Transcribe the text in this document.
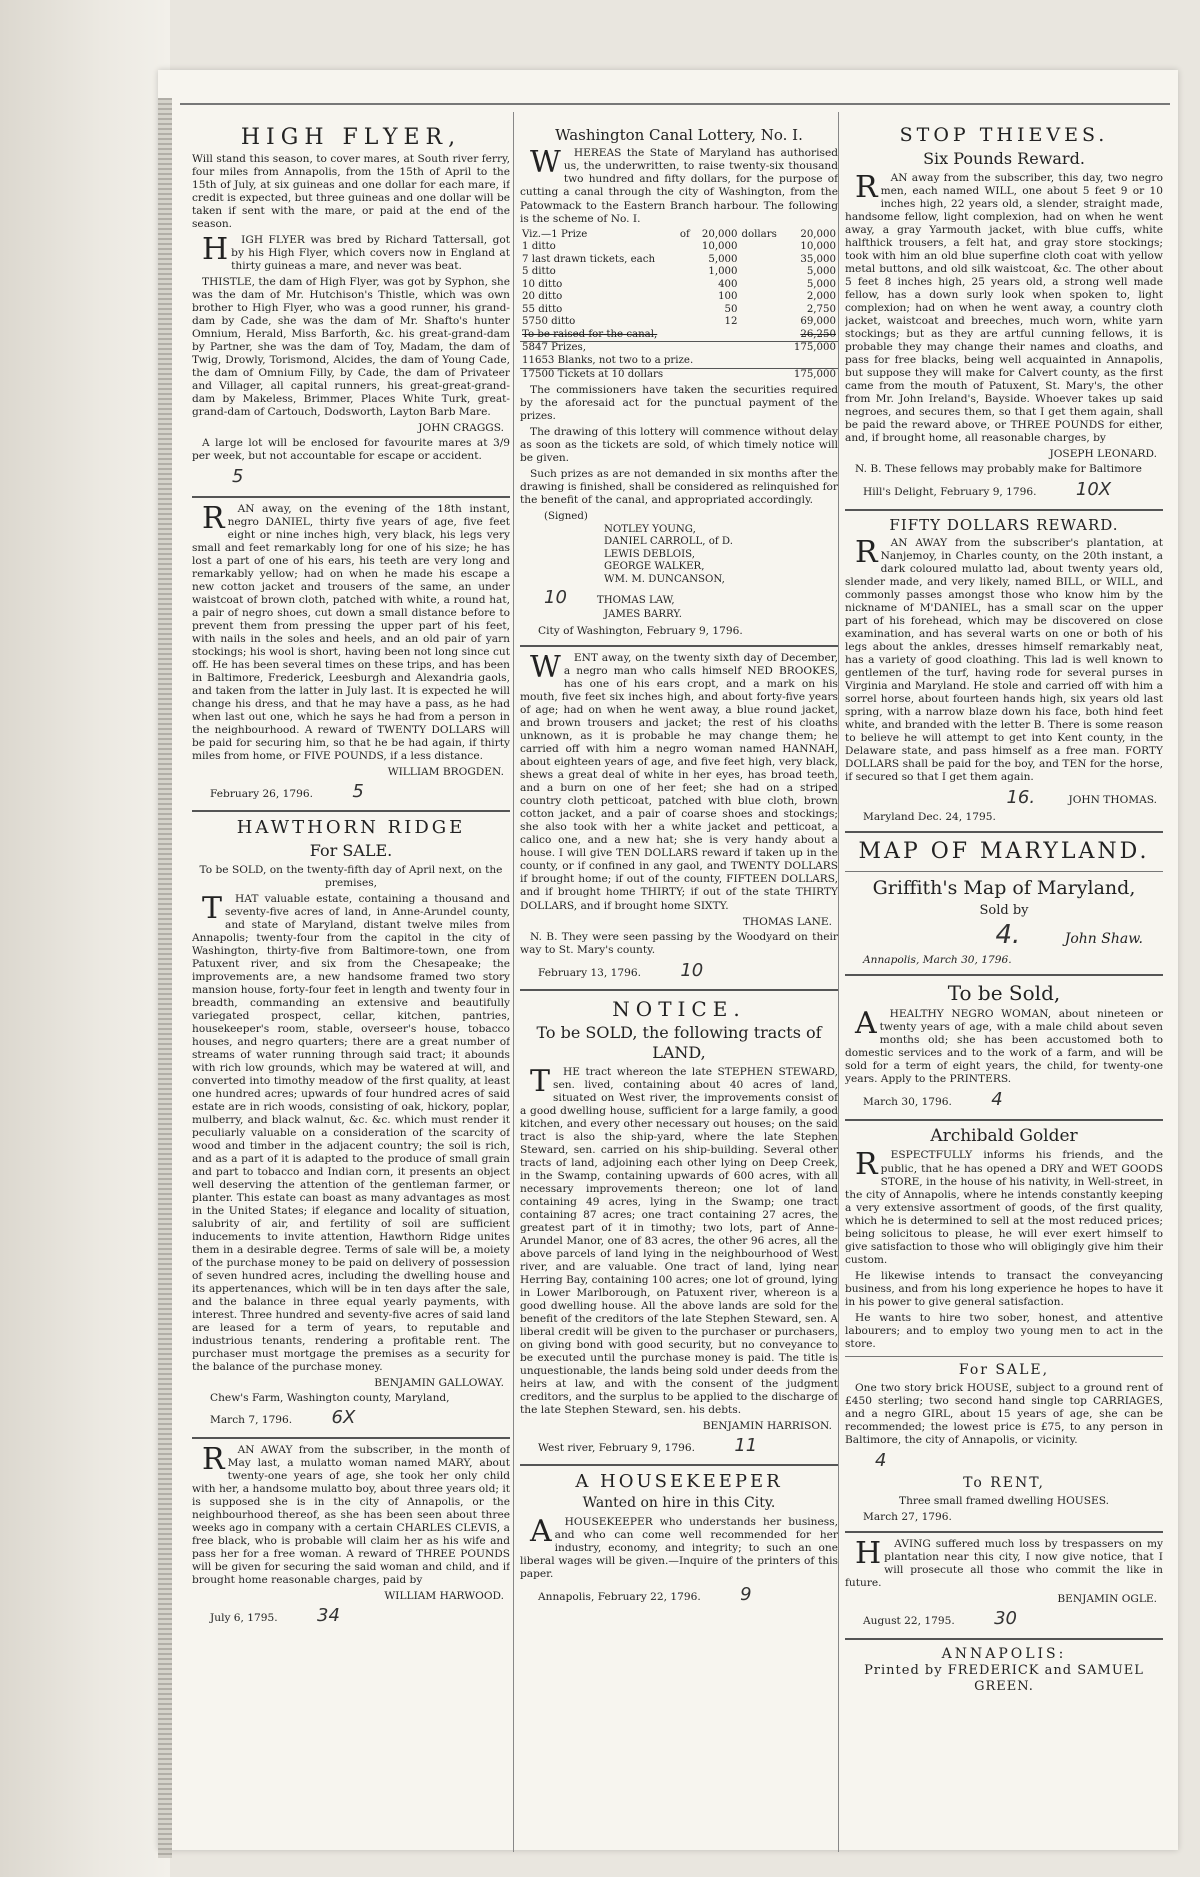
HIGH FLYER,

Will stand this season, to cover mares, at South river ferry, four miles from Annapolis, from the 15th of April to the 15th of July, at six guineas and one dollar for each mare, if credit is expected, but three guineas and one dollar will be taken if sent with the mare, or paid at the end of the season.

HIGH FLYER was bred by Richard Tattersall, got by his High Flyer, which covers now in England at thirty guineas a mare, and never was beat.

THISTLE, the dam of High Flyer, was got by Syphon, she was the dam of Mr. Hutchison's Thistle, which was own brother to High Flyer, who was a good runner, his grand-dam by Cade, she was the dam of Mr. Shafto's hunter Omnium, Herald, Miss Barforth, &c. his great-grand-dam by Partner, she was the dam of Toy, Madam, the dam of Twig, Drowly, Torismond, Alcides, the dam of Young Cade, the dam of Omnium Filly, by Cade, the dam of Privateer and Villager, all capital runners, his great-great-grand-dam by Makeless, Brimmer, Places White Turk, great-grand-dam of Cartouch, Dodsworth, Layton Barb Mare.

JOHN CRAGGS.

A large lot will be enclosed for favourite mares at 3/9 per week, but not accountable for escape or accident.

5

RAN away, on the evening of the 18th instant, negro DANIEL, thirty five years of age, five feet eight or nine inches high, very black, his legs very small and feet remarkably long for one of his size; he has lost a part of one of his ears, his teeth are very long and remarkably yellow; had on when he made his escape a new cotton jacket and trousers of the same, an under waistcoat of brown cloth, patched with white, a round hat, a pair of negro shoes, cut down a small distance before to prevent them from pressing the upper part of his feet, with nails in the soles and heels, and an old pair of yarn stockings; his wool is short, having been not long since cut off. He has been several times on these trips, and has been in Baltimore, Frederick, Leesburgh and Alexandria gaols, and taken from the latter in July last. It is expected he will change his dress, and that he may have a pass, as he had when last out one, which he says he had from a person in the neighbourhood. A reward of TWENTY DOLLARS will be paid for securing him, so that he be had again, if thirty miles from home, or FIVE POUNDS, if a less distance.

WILLIAM BROGDEN.
February 26, 1796. 5
HAWTHORN RIDGE
For SALE.

To be SOLD, on the twenty-fifth day of April next, on the premises,

THAT valuable estate, containing a thousand and seventy-five acres of land, in Anne-Arundel county, and state of Maryland, distant twelve miles from Annapolis; twenty-four from the capitol in the city of Washington, thirty-five from Baltimore-town, one from Patuxent river, and six from the Chesapeake; the improvements are, a new handsome framed two story mansion house, forty-four feet in length and twenty four in breadth, commanding an extensive and beautifully variegated prospect, cellar, kitchen, pantries, housekeeper's room, stable, overseer's house, tobacco houses, and negro quarters; there are a great number of streams of water running through said tract; it abounds with rich low grounds, which may be watered at will, and converted into timothy meadow of the first quality, at least one hundred acres; upwards of four hundred acres of said estate are in rich woods, consisting of oak, hickory, poplar, mulberry, and black walnut, &c. &c. which must render it peculiarly valuable on a consideration of the scarcity of wood and timber in the adjacent country; the soil is rich, and as a part of it is adapted to the produce of small grain and part to tobacco and Indian corn, it presents an object well deserving the attention of the gentleman farmer, or planter. This estate can boast as many advantages as most in the United States; if elegance and locality of situation, salubrity of air, and fertility of soil are sufficient inducements to invite attention, Hawthorn Ridge unites them in a desirable degree. Terms of sale will be, a moiety of the purchase money to be paid on delivery of possession of seven hundred acres, including the dwelling house and its appertenances, which will be in ten days after the sale, and the balance in three equal yearly payments, with interest. Three hundred and seventy-five acres of said land are leased for a term of years, to reputable and industrious tenants, rendering a profitable rent. The purchaser must mortgage the premises as a security for the balance of the purchase money.

BENJAMIN GALLOWAY.
Chew's Farm, Washington county, Maryland,
March 7, 1796. 6X

RAN AWAY from the subscriber, in the month of May last, a mulatto woman named MARY, about twenty-one years of age, she took her only child with her, a handsome mulatto boy, about three years old; it is supposed she is in the city of Annapolis, or the neighbourhood thereof, as she has been seen about three weeks ago in company with a certain CHARLES CLEVIS, a free black, who is probable will claim her as his wife and pass her for a free woman. A reward of THREE POUNDS will be given for securing the said woman and child, and if brought home reasonable charges, paid by

WILLIAM HARWOOD.
July 6, 1795. 34
Washington Canal Lottery, No. I.

WHEREAS the State of Maryland has authorised us, the underwritten, to raise twenty-six thousand two hundred and fifty dollars, for the purpose of cutting a canal through the city of Washington, from the Patowmack to the Eastern Branch harbour. The following is the scheme of No. I.

Viz.—1 Prize	of	20,000	dollars	20,000
1 ditto		10,000		10,000
7 last drawn tickets, each		5,000		35,000
5 ditto		1,000		5,000
10 ditto		400		5,000
20 ditto		100		2,000
55 ditto		50		2,750
5750 ditto		12		69,000
To be raised for the canal,				26,250
5847 Prizes,				175,000
11653 Blanks, not two to a prize.				
17500 Tickets at 10 dollars				175,000

The commissioners have taken the securities required by the aforesaid act for the punctual payment of the prizes.

The drawing of this lottery will commence without delay as soon as the tickets are sold, of which timely notice will be given.

Such prizes as are not demanded in six months after the drawing is finished, shall be considered as relinquished for the benefit of the canal, and appropriated accordingly.

(Signed)
NOTLEY YOUNG,
DANIEL CARROLL, of D.
LEWIS DEBLOIS,
GEORGE WALKER,
WM. M. DUNCANSON,
10	THOMAS LAW,
JAMES BARRY.
City of Washington, February 9, 1796.

WENT away, on the twenty sixth day of December, a negro man who calls himself NED BROOKES, has one of his ears cropt, and a mark on his mouth, five feet six inches high, and about forty-five years of age; had on when he went away, a blue round jacket, and brown trousers and jacket; the rest of his cloaths unknown, as it is probable he may change them; he carried off with him a negro woman named HANNAH, about eighteen years of age, and five feet high, very black, shews a great deal of white in her eyes, has broad teeth, and a burn on one of her feet; she had on a striped country cloth petticoat, patched with blue cloth, brown cotton jacket, and a pair of coarse shoes and stockings; she also took with her a white jacket and petticoat, a calico one, and a new hat; she is very handy about a house. I will give TEN DOLLARS reward if taken up in the county, or if confined in any gaol, and TWENTY DOLLARS if brought home; if out of the county, FIFTEEN DOLLARS, and if brought home THIRTY; if out of the state THIRTY DOLLARS, and if brought home SIXTY.

THOMAS LANE.

N. B. They were seen passing by the Woodyard on their way to St. Mary's county.

February 13, 1796. 10
NOTICE.
To be SOLD, the following tracts of LAND,

THE tract whereon the late STEPHEN STEWARD, sen. lived, containing about 40 acres of land, situated on West river, the improvements consist of a good dwelling house, sufficient for a large family, a good kitchen, and every other necessary out houses; on the said tract is also the ship-yard, where the late Stephen Steward, sen. carried on his ship-building. Several other tracts of land, adjoining each other lying on Deep Creek, in the Swamp, containing upwards of 600 acres, with all necessary improvements thereon; one lot of land containing 49 acres, lying in the Swamp; one tract containing 87 acres; one tract containing 27 acres, the greatest part of it in timothy; two lots, part of Anne-Arundel Manor, one of 83 acres, the other 96 acres, all the above parcels of land lying in the neighbourhood of West river, and are valuable. One tract of land, lying near Herring Bay, containing 100 acres; one lot of ground, lying in Lower Marlborough, on Patuxent river, whereon is a good dwelling house. All the above lands are sold for the benefit of the creditors of the late Stephen Steward, sen. A liberal credit will be given to the purchaser or purchasers, on giving bond with good security, but no conveyance to be executed until the purchase money is paid. The title is unquestionable, the lands being sold under deeds from the heirs at law, and with the consent of the judgment creditors, and the surplus to be applied to the discharge of the late Stephen Steward, sen. his debts.

BENJAMIN HARRISON.
West river, February 9, 1796. 11
A HOUSEKEEPER
Wanted on hire in this City.

AHOUSEKEEPER who understands her business, and who can come well recommended for her industry, economy, and integrity; to such an one liberal wages will be given.—Inquire of the printers of this paper.

Annapolis, February 22, 1796. 9
STOP THIEVES.
Six Pounds Reward.

RAN away from the subscriber, this day, two negro men, each named WILL, one about 5 feet 9 or 10 inches high, 22 years old, a slender, straight made, handsome fellow, light complexion, had on when he went away, a gray Yarmouth jacket, with blue cuffs, white halfthick trousers, a felt hat, and gray store stockings; took with him an old blue superfine cloth coat with yellow metal buttons, and old silk waistcoat, &c. The other about 5 feet 8 inches high, 25 years old, a strong well made fellow, has a down surly look when spoken to, light complexion; had on when he went away, a country cloth jacket, waistcoat and breeches, much worn, white yarn stockings; but as they are artful cunning fellows, it is probable they may change their names and cloaths, and pass for free blacks, being well acquainted in Annapolis, but suppose they will make for Calvert county, as the first came from the mouth of Patuxent, St. Mary's, the other from Mr. John Ireland's, Bayside. Whoever takes up said negroes, and secures them, so that I get them again, shall be paid the reward above, or THREE POUNDS for either, and, if brought home, all reasonable charges, by

JOSEPH LEONARD.

N. B. These fellows may probably make for Baltimore

Hill's Delight, February 9, 1796. 10X
FIFTY DOLLARS REWARD.

RAN AWAY from the subscriber's plantation, at Nanjemoy, in Charles county, on the 20th instant, a dark coloured mulatto lad, about twenty years old, slender made, and very likely, named BILL, or WILL, and commonly passes amongst those who know him by the nickname of M'DANIEL, has a small scar on the upper part of his forehead, which may be discovered on close examination, and has several warts on one or both of his legs about the ankles, dresses himself remarkably neat, has a variety of good cloathing. This lad is well known to gentlemen of the turf, having rode for several purses in Virginia and Maryland. He stole and carried off with him a sorrel horse, about fourteen hands high, six years old last spring, with a narrow blaze down his face, both hind feet white, and branded with the letter B. There is some reason to believe he will attempt to get into Kent county, in the Delaware state, and pass himself as a free man. FORTY DOLLARS shall be paid for the boy, and TEN for the horse, if secured so that I get them again.

16.	JOHN THOMAS.
Maryland Dec. 24, 1795.
MAP OF MARYLAND.
Griffith's Map of Maryland,
Sold by
4.	John Shaw.
Annapolis, March 30, 1796.
To be Sold,

AHEALTHY NEGRO WOMAN, about nineteen or twenty years of age, with a male child about seven months old; she has been accustomed both to domestic services and to the work of a farm, and will be sold for a term of eight years, the child, for twenty-one years. Apply to the PRINTERS.

March 30, 1796. 4
Archibald Golder

RESPECTFULLY informs his friends, and the public, that he has opened a DRY and WET GOODS STORE, in the house of his nativity, in Well-street, in the city of Annapolis, where he intends constantly keeping a very extensive assortment of goods, of the first quality, which he is determined to sell at the most reduced prices; being solicitous to please, he will ever exert himself to give satisfaction to those who will obligingly give him their custom.

He likewise intends to transact the conveyancing business, and from his long experience he hopes to have it in his power to give general satisfaction.

He wants to hire two sober, honest, and attentive labourers; and to employ two young men to act in the store.

For SALE,

One two story brick HOUSE, subject to a ground rent of £450 sterling; two second hand single top CARRIAGES, and a negro GIRL, about 15 years of age, she can be recommended; the lowest price is £75, to any person in Baltimore, the city of Annapolis, or vicinity.

4
To RENT,

Three small framed dwelling HOUSES.

March 27, 1796.

HAVING suffered much loss by trespassers on my plantation near this city, I now give notice, that I will prosecute all those who commit the like in future.

BENJAMIN OGLE.
August 22, 1795. 30
ANNAPOLIS:
Printed by FREDERICK and SAMUEL GREEN.
